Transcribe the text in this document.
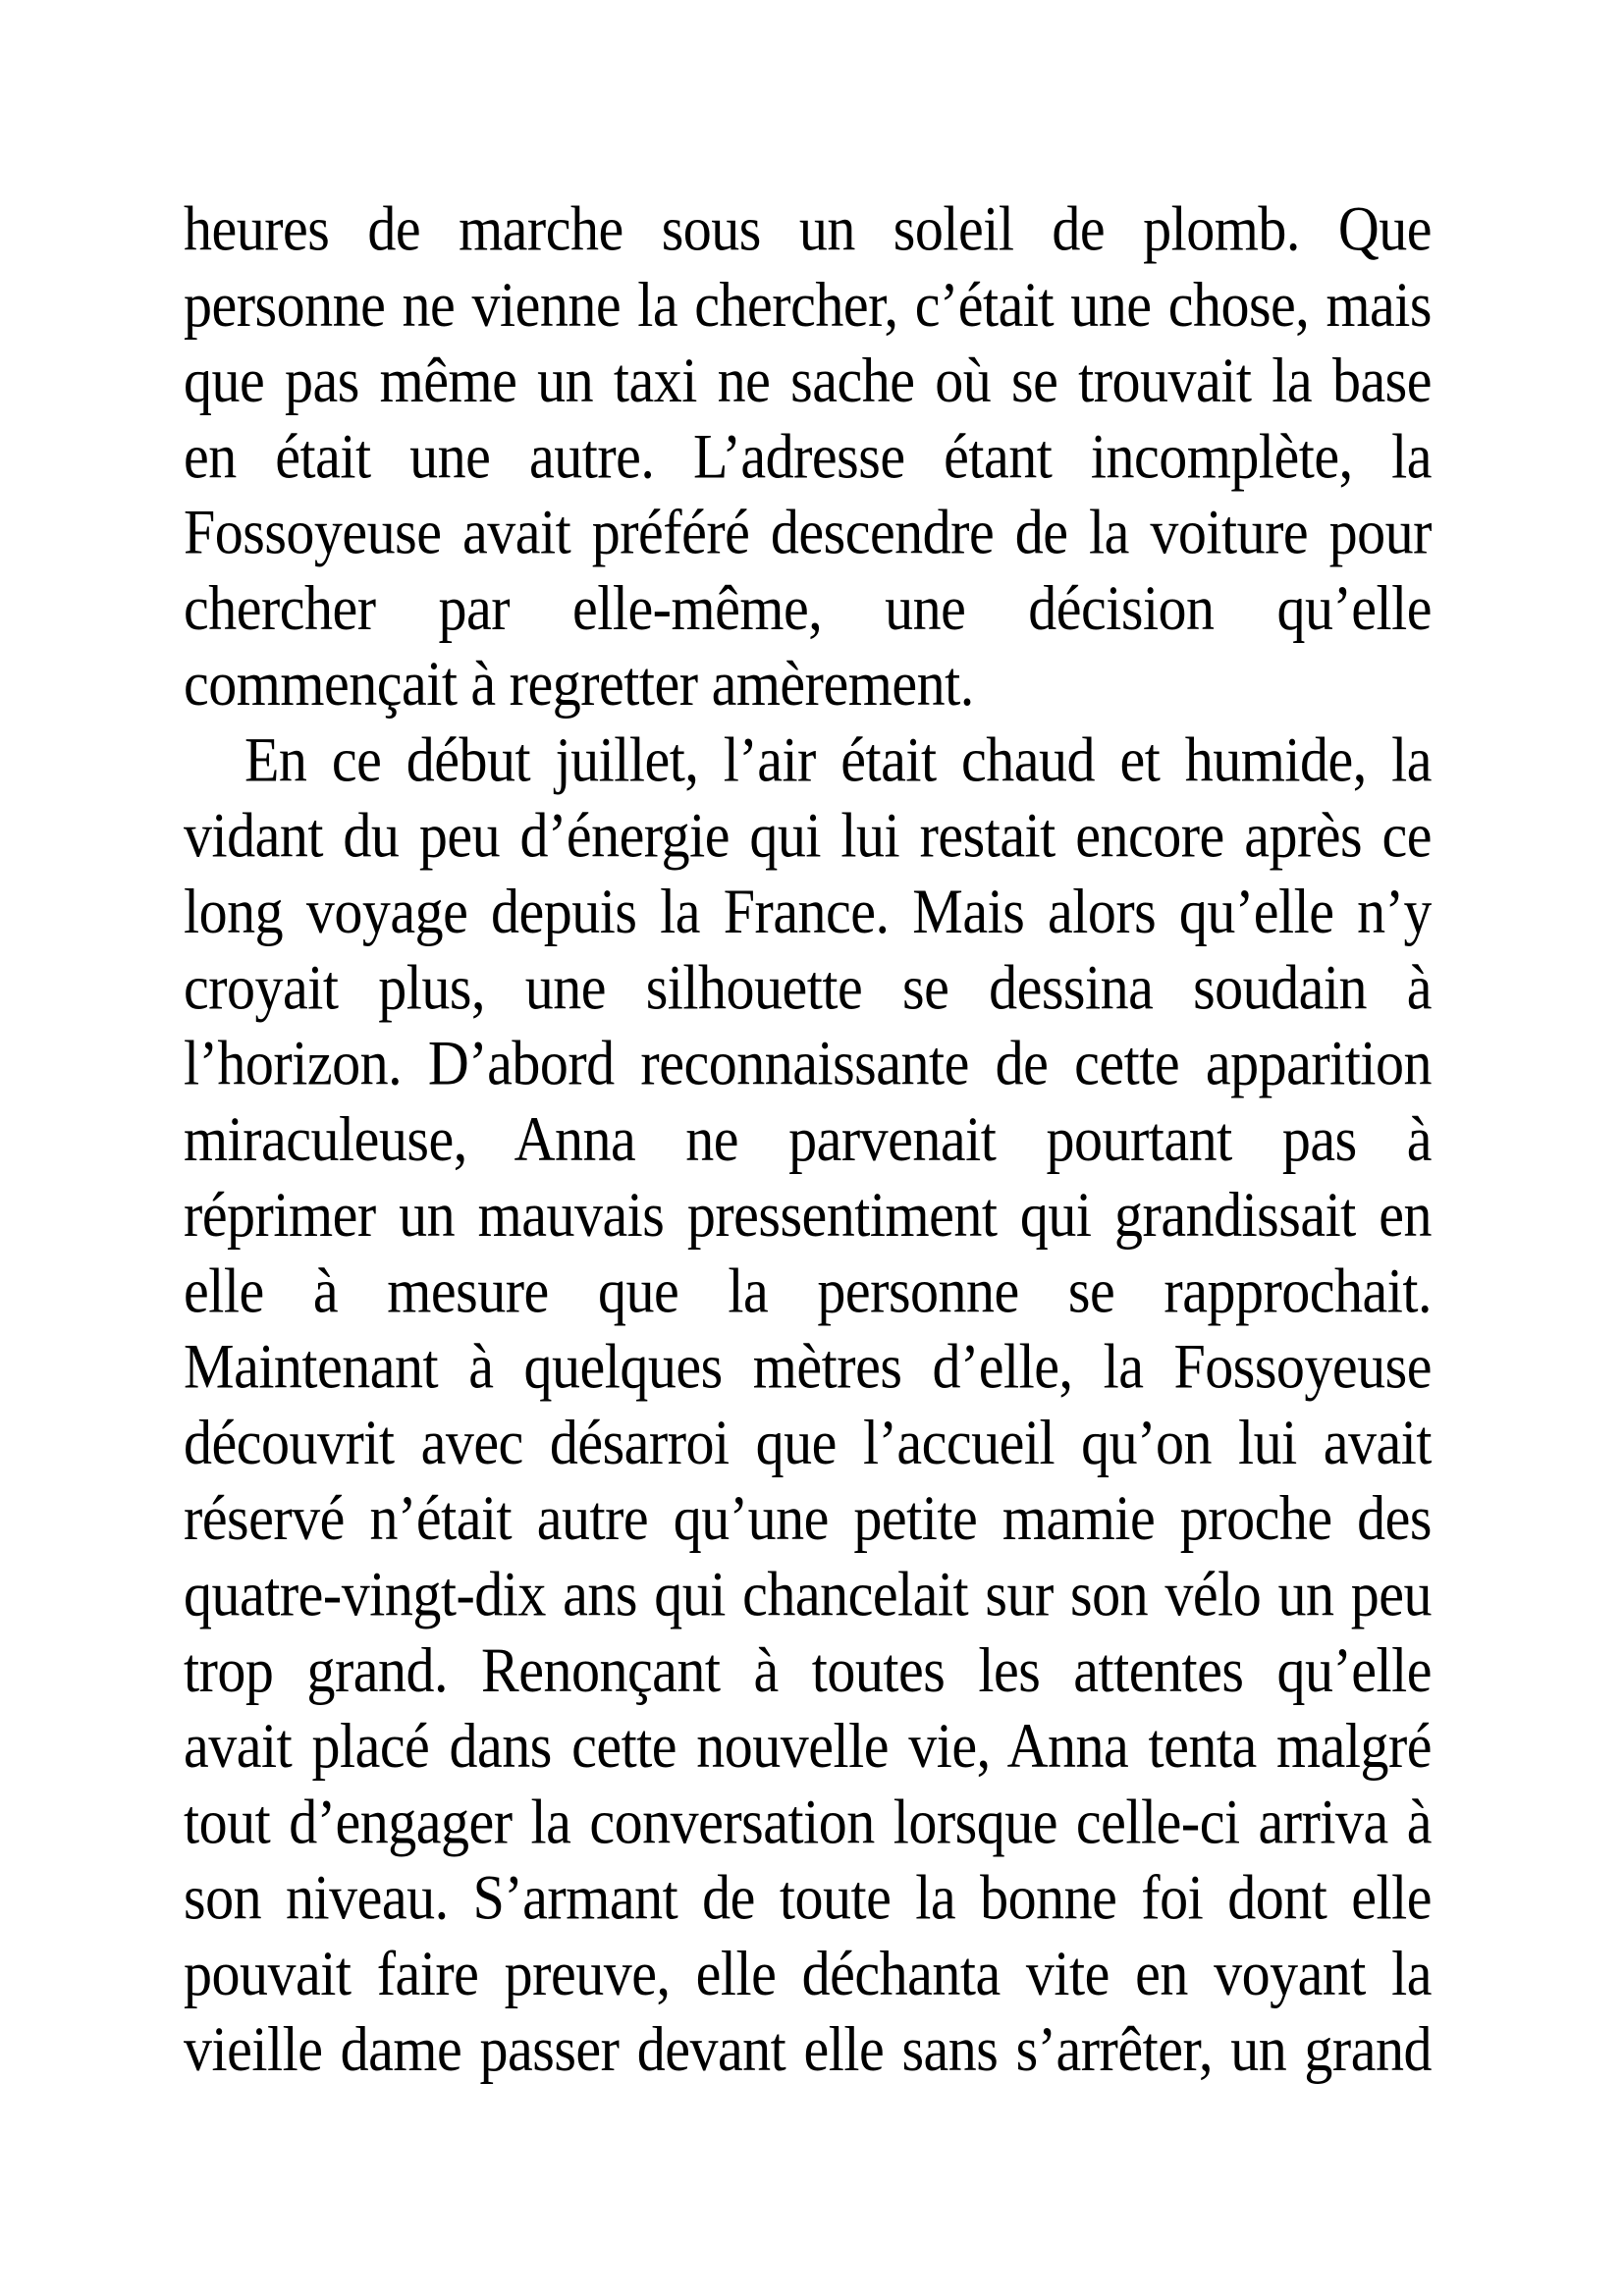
heures de marche sous un soleil de plomb. Que
personne ne vienne la chercher, c’était une chose, mais
que pas même un taxi ne sache où se trouvait la base
en était une autre. L’adresse étant incomplète, la
Fossoyeuse avait préféré descendre de la voiture pour
chercher par elle-même, une décision qu’elle
commençait à regretter amèrement.
En ce début juillet, l’air était chaud et humide, la
vidant du peu d’énergie qui lui restait encore après ce
long voyage depuis la France. Mais alors qu’elle n’y
croyait plus, une silhouette se dessina soudain à
l’horizon. D’abord reconnaissante de cette apparition
miraculeuse, Anna ne parvenait pourtant pas à
réprimer un mauvais pressentiment qui grandissait en
elle à mesure que la personne se rapprochait.
Maintenant à quelques mètres d’elle, la Fossoyeuse
découvrit avec désarroi que l’accueil qu’on lui avait
réservé n’était autre qu’une petite mamie proche des
quatre-vingt-dix ans qui chancelait sur son vélo un peu
trop grand. Renonçant à toutes les attentes qu’elle
avait placé dans cette nouvelle vie, Anna tenta malgré
tout d’engager la conversation lorsque celle-ci arriva à
son niveau. S’armant de toute la bonne foi dont elle
pouvait faire preuve, elle déchanta vite en voyant la
vieille dame passer devant elle sans s’arrêter, un grand
